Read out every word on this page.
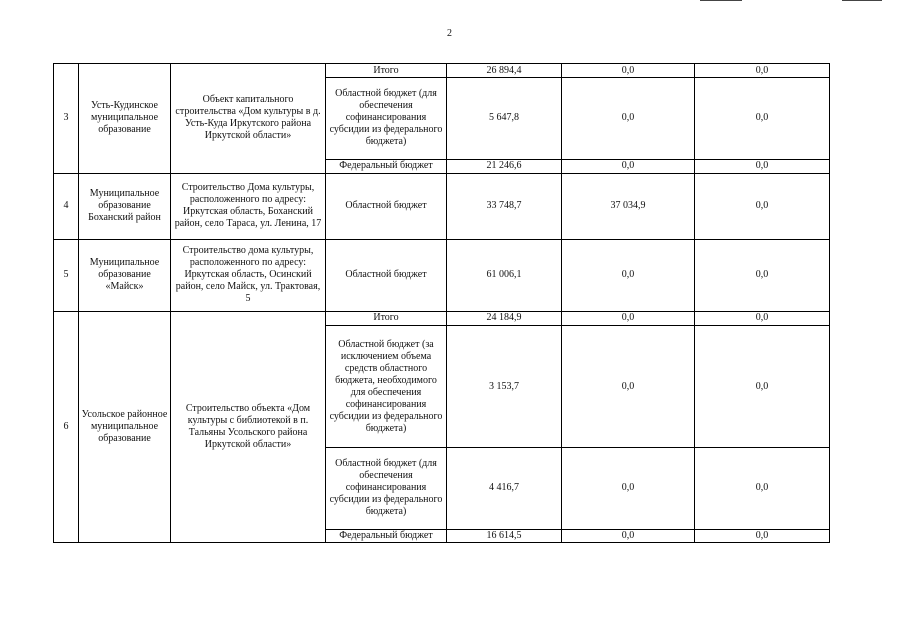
2
3	Усть-Кудинское муниципальное образование	Объект капитального строительства «Дом культуры в д. Усть-Куда Иркутского района Иркутской области»	Итого	26 894,4	0,0	0,0
			Областной бюджет (для обеспечения софинансирования субсидии из федерального бюджета)	5 647,8	0,0	0,0
			Федеральный бюджет	21 246,6	0,0	0,0
4	Муниципальное образование Боханский район	Строительство Дома культуры, расположенного по адресу: Иркутская область, Боханский район, село Тараса, ул. Ленина, 17	Областной бюджет	33 748,7	37 034,9	0,0
5	Муниципальное образование «Майск»	Строительство дома культуры, расположенного по адресу: Иркутская область, Осинский район, село Майск, ул. Трактовая, 5	Областной бюджет	61 006,1	0,0	0,0
6	Усольское районное муниципальное образование	Строительство объекта «Дом культуры с библиотекой в п. Тальяны Усольского района Иркутской области»	Итого	24 184,9	0,0	0,0
			Областной бюджет (за исключением объема средств областного бюджета, необходимого для обеспечения софинансирования субсидии из федерального бюджета)	3 153,7	0,0	0,0
			Областной бюджет (для обеспечения софинансирования субсидии из федерального бюджета)	4 416,7	0,0	0,0
			Федеральный бюджет	16 614,5	0,0	0,0
